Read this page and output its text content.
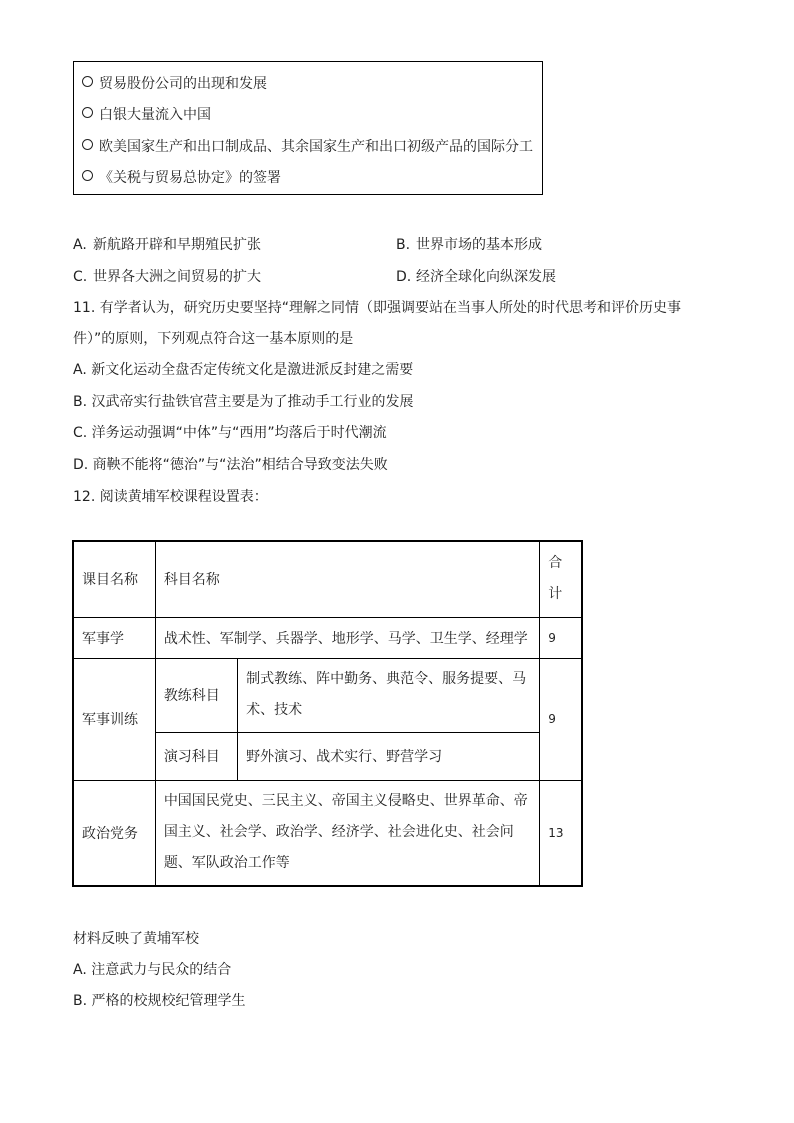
贸易股份公司的出现和发展
白银大量流入中国
欧美国家生产和出口制成品、其余国家生产和出口初级产品的国际分工
《关税与贸易总协定》的签署
A. 新航路开辟和早期殖民扩张	B. 世界市场的基本形成
C. 世界各大洲之间贸易的扩大	D. 经济全球化向纵深发展
11. 有学者认为，研究历史要坚持“理解之同情（即强调要站在当事人所处的时代思考和评价历史事
件）”的原则，下列观点符合这一基本原则的是
A. 新文化运动全盘否定传统文化是激进派反封建之需要
B. 汉武帝实行盐铁官营主要是为了推动手工行业的发展
C. 洋务运动强调“中体”与“西用”均落后于时代潮流
D. 商鞅不能将“德治”与“法治”相结合导致变法失败
12. 阅读黄埔军校课程设置表：
课目名称	科目名称		合
计
军事学	战术性、军制学、兵器学、地形学、马学、卫生学、经理学		9
军事训练	教练科目	制式教练、阵中勤务、典范令、服务提要、马
术、技术	9
	演习科目	野外演习、战术实行、野营学习	
政治党务	中国国民党史、三民主义、帝国主义侵略史、世界革命、帝
国主义、社会学、政治学、经济学、社会进化史、社会问
题、军队政治工作等		13
材料反映了黄埔军校
A. 注意武力与民众的结合
B. 严格的校规校纪管理学生
